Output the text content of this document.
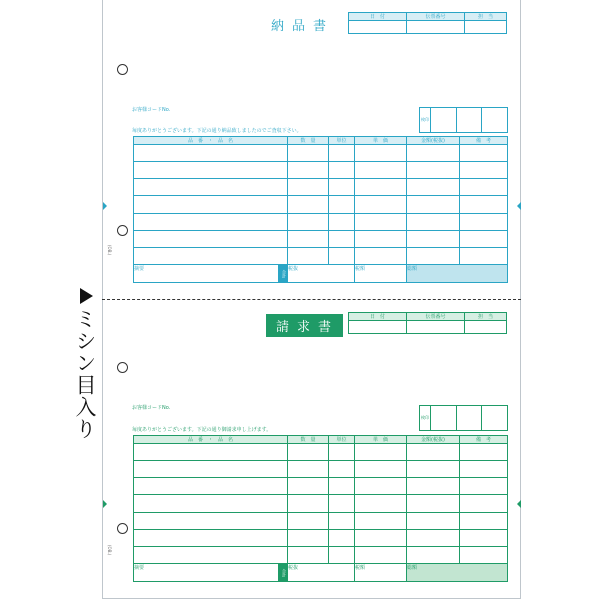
ミシン目入り
納品書
日　付	伝票番号	担　当

お客様コードNo.
毎度ありがとうございます。下記の通り納品致しましたのでご査収下さい。
検印			
品　番　・　品　名	数　量	単位	単　価	金額(税抜)	備　考

摘要
合計	税抜		税額	総額	
(OB.)
請求書
日　付	伝票番号	担　当

お客様コードNo.
毎度ありがとうございます。下記の通り御請求申し上げます。
検印			
品　番　・　品　名	数　量	単位	単　価	金額(税抜)	備　考

摘要
合計	税抜		税額	総額	
(OB.)
